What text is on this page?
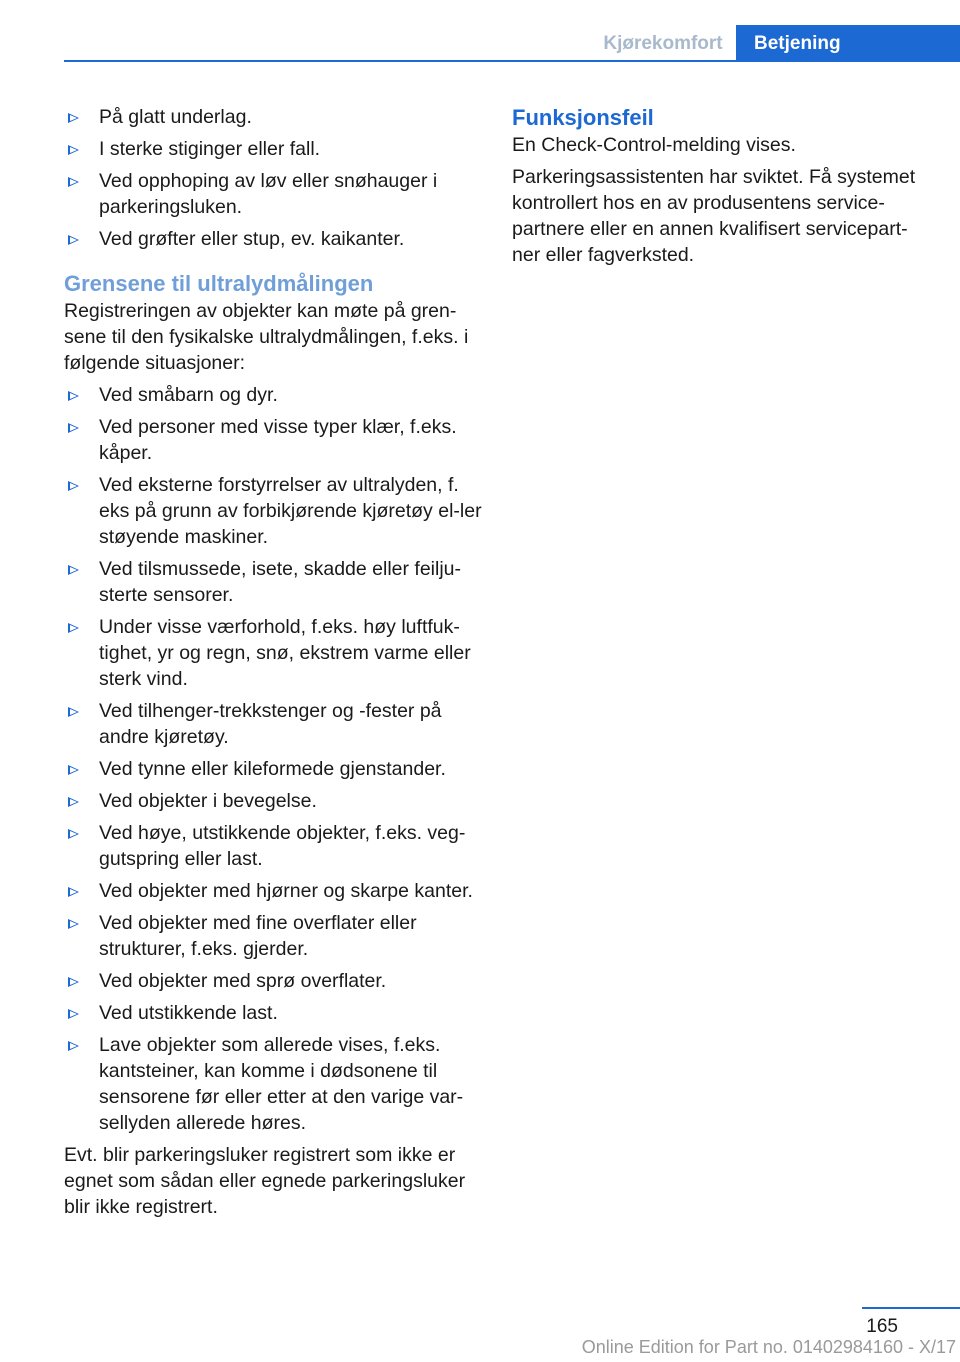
Kjørekomfort	Betjening
På glatt underlag.
I sterke stiginger eller fall.
Ved opphoping av løv eller snøhauger i parkeringsluken.
Ved grøfter eller stup, ev. kaikanter.
Grensene til ultralydmålingen

Registreringen av objekter kan møte på gren-sene til den fysikalske ultralydmålingen, f.eks. i følgende situasjoner:

Ved småbarn og dyr.
Ved personer med visse typer klær, f.eks. kåper.
Ved eksterne forstyrrelser av ultralyden, f. eks på grunn av forbikjørende kjøretøy el-ler støyende maskiner.
Ved tilsmussede, isete, skadde eller feilju-sterte sensorer.
Under visse værforhold, f.eks. høy luftfuk-tighet, yr og regn, snø, ekstrem varme eller sterk vind.
Ved tilhenger-trekkstenger og -fester på andre kjøretøy.
Ved tynne eller kileformede gjenstander.
Ved objekter i bevegelse.
Ved høye, utstikkende objekter, f.eks. veg-gutspring eller last.
Ved objekter med hjørner og skarpe kanter.
Ved objekter med fine overflater eller strukturer, f.eks. gjerder.
Ved objekter med sprø overflater.
Ved utstikkende last.
Lave objekter som allerede vises, f.eks. kantsteiner, kan komme i dødsonene til sensorene før eller etter at den varige var-sellyden allerede høres.

Evt. blir parkeringsluker registrert som ikke er egnet som sådan eller egnede parkeringsluker blir ikke registrert.

Funksjonsfeil

En Check-Control-melding vises.

Parkeringsassistenten har sviktet. Få systemet kontrollert hos en av produsentens service-partnere eller en annen kvalifisert servicepart-ner eller fagverksted.

165
Online Edition for Part no. 01402984160 - X/17
